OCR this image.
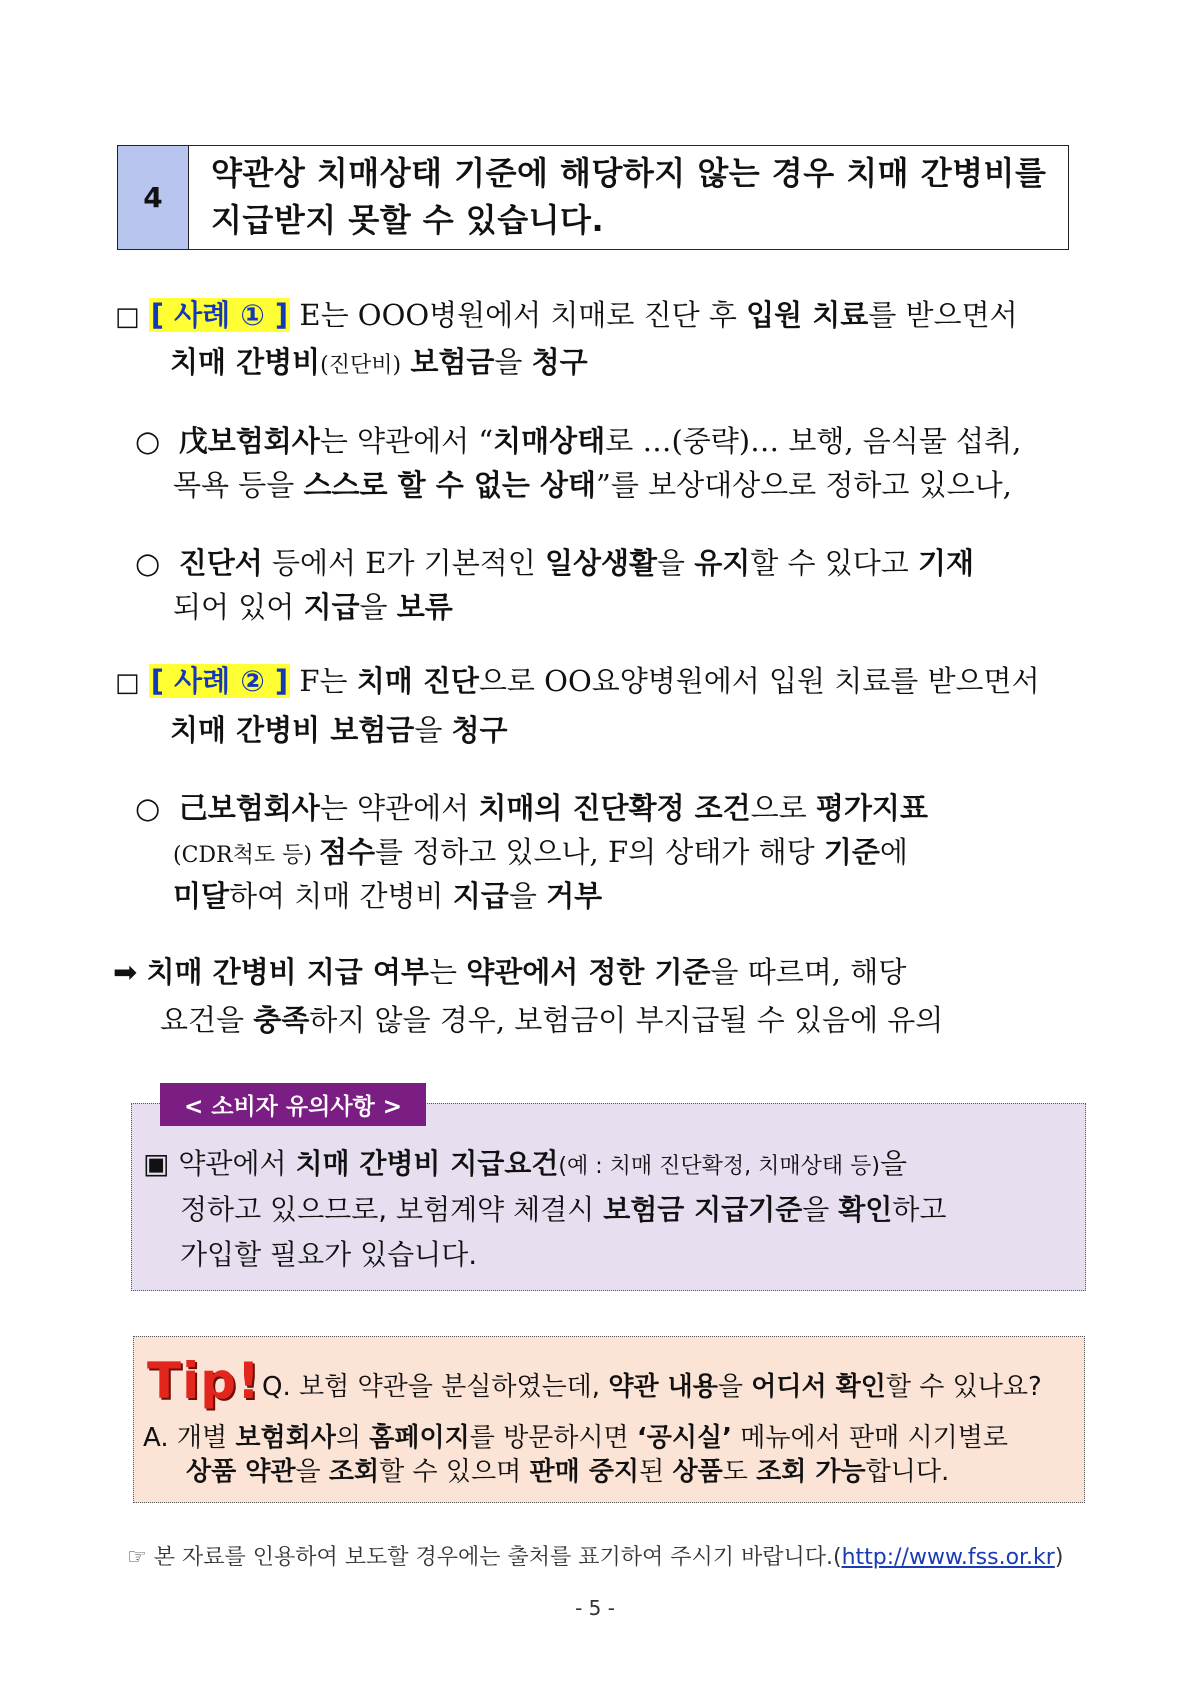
4
약관상 치매상태 기준에 해당하지 않는 경우 치매 간병비를
지급받지 못할 수 있습니다.
□ [ 사례 ① ] E는 OOO병원에서 치매로 진단 후 입원 치료를 받으면서
치매 간병비(진단비) 보험금을 청구
○ 戊보험회사는 약관에서 “치매상태로 …(중략)… 보행, 음식물 섭취,
목욕 등을 스스로 할 수 없는 상태”를 보상대상으로 정하고 있으나,
○ 진단서 등에서 E가 기본적인 일상생활을 유지할 수 있다고 기재
되어 있어 지급을 보류
□ [ 사례 ② ] F는 치매 진단으로 OO요양병원에서 입원 치료를 받으면서
치매 간병비 보험금을 청구
○ 己보험회사는 약관에서 치매의 진단확정 조건으로 평가지표
(CDR척도 등) 점수를 정하고 있으나, F의 상태가 해당 기준에
미달하여 치매 간병비 지급을 거부
➡ 치매 간병비 지급 여부는 약관에서 정한 기준을 따르며, 해당
요건을 충족하지 않을 경우, 보험금이 부지급될 수 있음에 유의
< 소비자 유의사항 >
▣ 약관에서 치매 간병비 지급요건(예 : 치매 진단확정, 치매상태 등)을
정하고 있으므로, 보험계약 체결시 보험금 지급기준을 확인하고
가입할 필요가 있습니다.
Tip! Q. 보험 약관을 분실하였는데, 약관 내용을 어디서 확인할 수 있나요?
A. 개별 보험회사의 홈페이지를 방문하시면 ‘공시실’ 메뉴에서 판매 시기별로
상품 약관을 조회할 수 있으며 판매 중지된 상품도 조회 가능합니다.
☞ 본 자료를 인용하여 보도할 경우에는 출처를 표기하여 주시기 바랍니다.(http://www.fss.or.kr)
- 5 -
